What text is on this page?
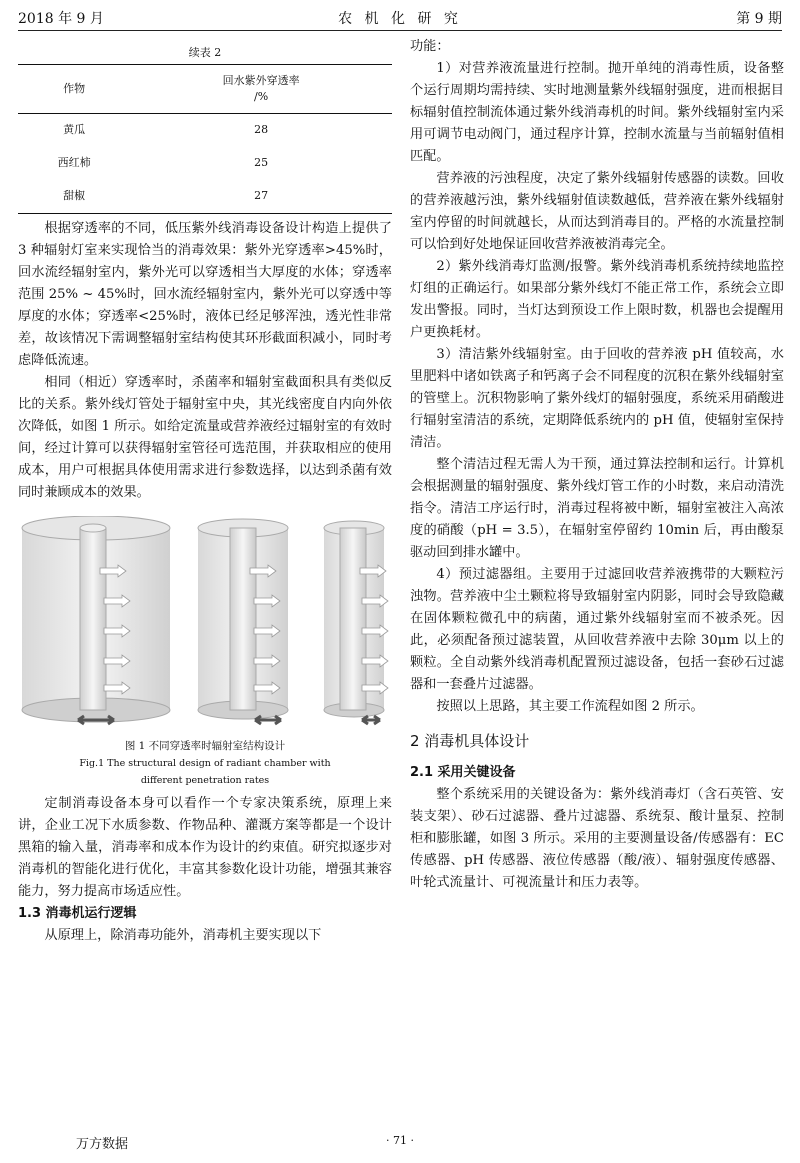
2018 年 9 月	农 机 化 研 究	第 9 期
续表 2
作物	回水紫外穿透率
/%
黄瓜	28
西红柿	25
甜椒	27

根据穿透率的不同，低压紫外线消毒设备设计构造上提供了 3 种辐射灯室来实现恰当的消毒效果：紫外光穿透率>45%时，回水流经辐射室内，紫外光可以穿透相当大厚度的水体；穿透率范围 25% ~ 45%时，回水流经辐射室内，紫外光可以穿透中等厚度的水体；穿透率<25%时，液体已经足够浑浊，透光性非常差，故该情况下需调整辐射室结构使其环形截面积减小，同时考虑降低流速。

相同（相近）穿透率时，杀菌率和辐射室截面积具有类似反比的关系。紫外线灯管处于辐射室中央，其光线密度自内向外依次降低，如图 1 所示。如给定流量或营养液经过辐射室的有效时间，经过计算可以获得辐射室管径可选范围，并获取相应的使用成本，用户可根据具体使用需求进行参数选择，以达到杀菌有效同时兼顾成本的效果。

图 1 不同穿透率时辐射室结构设计
Fig.1 The structural design of radiant chamber with
different penetration rates

定制消毒设备本身可以看作一个专家决策系统，原理上来讲，企业工况下水质参数、作物品种、灌溉方案等都是一个设计黑箱的输入量，消毒率和成本作为设计的约束值。研究拟逐步对消毒机的智能化进行优化，丰富其参数化设计功能，增强其兼容能力，努力提高市场适应性。

1.3 消毒机运行逻辑

从原理上，除消毒功能外，消毒机主要实现以下

功能：

1）对营养液流量进行控制。抛开单纯的消毒性质，设备整个运行周期均需持续、实时地测量紫外线辐射强度，进而根据目标辐射值控制流体通过紫外线消毒机的时间。紫外线辐射室内采用可调节电动阀门，通过程序计算，控制水流量与当前辐射值相匹配。

营养液的污浊程度，决定了紫外线辐射传感器的读数。回收的营养液越污浊，紫外线辐射值读数越低，营养液在紫外线辐射室内停留的时间就越长，从而达到消毒目的。严格的水流量控制可以恰到好处地保证回收营养液被消毒完全。

2）紫外线消毒灯监测/报警。紫外线消毒机系统持续地监控灯组的正确运行。如果部分紫外线灯不能正常工作，系统会立即发出警报。同时，当灯达到预设工作上限时数，机器也会提醒用户更换耗材。

3）清洁紫外线辐射室。由于回收的营养液 pH 值较高，水里肥料中诸如铁离子和钙离子会不同程度的沉积在紫外线辐射室的管壁上。沉积物影响了紫外线灯的辐射强度，系统采用硝酸进行辐射室清洁的系统，定期降低系统内的 pH 值，使辐射室保持清洁。

整个清洁过程无需人为干预，通过算法控制和运行。计算机会根据测量的辐射强度、紫外线灯管工作的小时数，来启动清洗指令。清洁工序运行时，消毒过程将被中断，辐射室被注入高浓度的硝酸（pH = 3.5），在辐射室停留约 10min 后，再由酸泵驱动回到排水罐中。

4）预过滤器组。主要用于过滤回收营养液携带的大颗粒污浊物。营养液中尘土颗粒将导致辐射室内阴影，同时会导致隐藏在固体颗粒微孔中的病菌，通过紫外线辐射室而不被杀死。因此，必须配备预过滤装置，从回收营养液中去除 30μm 以上的颗粒。全自动紫外线消毒机配置预过滤设备，包括一套砂石过滤器和一套叠片过滤器。

按照以上思路，其主要工作流程如图 2 所示。

2 消毒机具体设计
2.1 采用关键设备

整个系统采用的关键设备为：紫外线消毒灯（含石英管、安装支架）、砂石过滤器、叠片过滤器、系统泵、酸计量泵、控制柜和膨胀罐，如图 3 所示。采用的主要测量设备/传感器有：EC 传感器、pH 传感器、液位传感器（酸/液）、辐射强度传感器、叶轮式流量计、可视流量计和压力表等。

万方数据	· 71 ·
